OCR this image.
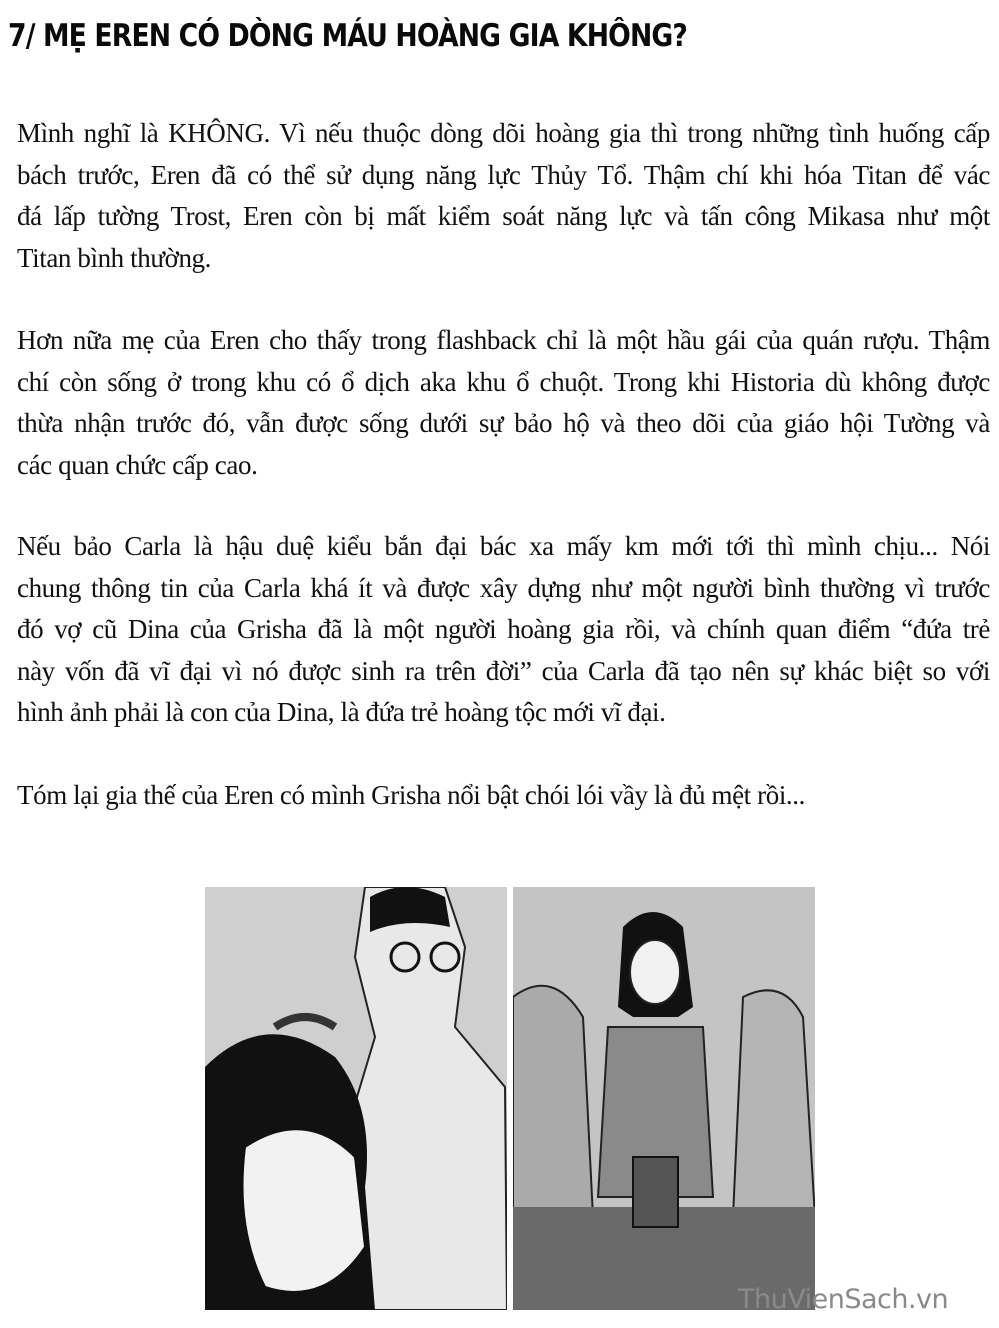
7/ MẸ EREN CÓ DÒNG MÁU HOÀNG GIA KHÔNG?
Mình nghĩ là KHÔNG. Vì nếu thuộc dòng dõi hoàng gia thì trong những tình huống cấp
bách trước, Eren đã có thể sử dụng năng lực Thủy Tổ. Thậm chí khi hóa Titan để vác
đá lấp tường Trost, Eren còn bị mất kiểm soát năng lực và tấn công Mikasa như một
Titan bình thường.
Hơn nữa mẹ của Eren cho thấy trong flashback chỉ là một hầu gái của quán rượu. Thậm
chí còn sống ở trong khu có ổ dịch aka khu ổ chuột. Trong khi Historia dù không được
thừa nhận trước đó, vẫn được sống dưới sự bảo hộ và theo dõi của giáo hội Tường và
các quan chức cấp cao.
Nếu bảo Carla là hậu duệ kiểu bắn đại bác xa mấy km mới tới thì mình chịu... Nói
chung thông tin của Carla khá ít và được xây dựng như một người bình thường vì trước
đó vợ cũ Dina của Grisha đã là một người hoàng gia rồi, và chính quan điểm “đứa trẻ
này vốn đã vĩ đại vì nó được sinh ra trên đời” của Carla đã tạo nên sự khác biệt so với
hình ảnh phải là con của Dina, là đứa trẻ hoàng tộc mới vĩ đại.
Tóm lại gia thế của Eren có mình Grisha nổi bật chói lói vầy là đủ mệt rồi...
ThuVienSach.vn
